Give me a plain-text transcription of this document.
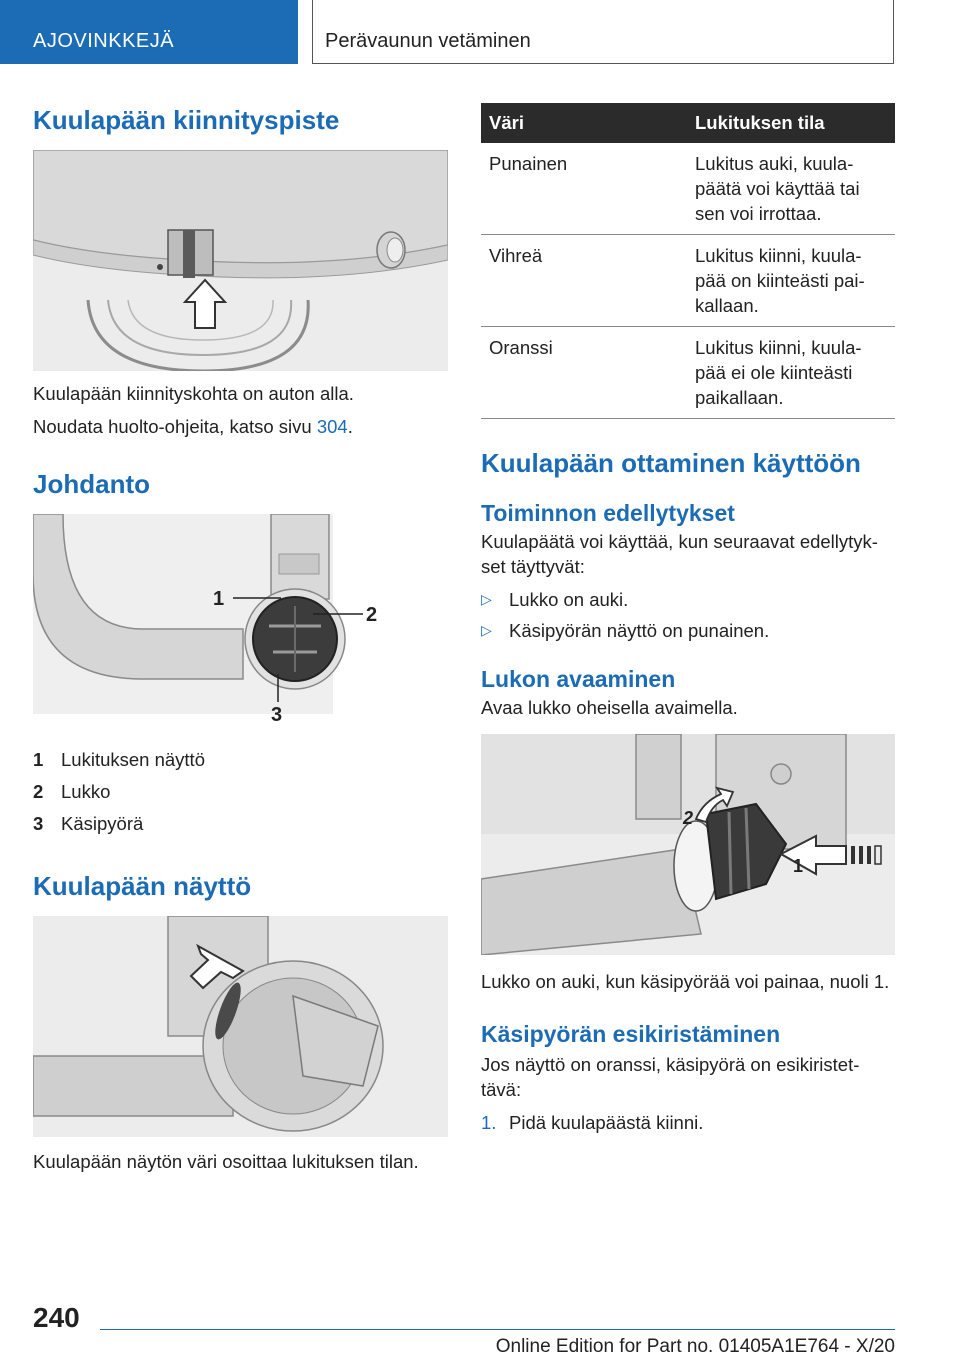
AJOVINKKEJÄ	Perävaunun vetäminen
Kuulapään kiinnityspiste

Kuulapään kiinnityskohta on auton alla.

Noudata huolto-ohjeita, katso sivu 304.

Johdanto
1
2
3
1 Lukituksen näyttö
2 Lukko
3 Käsipyörä
Kuulapään näyttö

Kuulapään näytön väri osoittaa lukituksen tilan.

Väri	Lukituksen tila
Punainen	Lukitus auki, kuula-
päätä voi käyttää tai
sen voi irrottaa.

Vihreä	Lukitus kiinni, kuula-
pää on kiinteästi pai-
kallaan.

Oranssi	Lukitus kiinni, kuula-
pää ei ole kiinteästi
paikallaan.
Kuulapään ottaminen käyttöön
Toiminnon edellytykset

Kuulapäätä voi käyttää, kun seuraavat edellytyk-

set täyttyvät:

▷ Lukko on auki.
▷ Käsipyörän näyttö on punainen.
Lukon avaaminen

Avaa lukko oheisella avaimella.

2
1

Lukko on auki, kun käsipyörää voi painaa, nuoli 1.

Käsipyörän esikiristäminen

Jos näyttö on oranssi, käsipyörä on esikiristet-

tävä:

1. Pidä kuulapäästä kiinni.
240
Online Edition for Part no. 01405A1E764 - X/20
